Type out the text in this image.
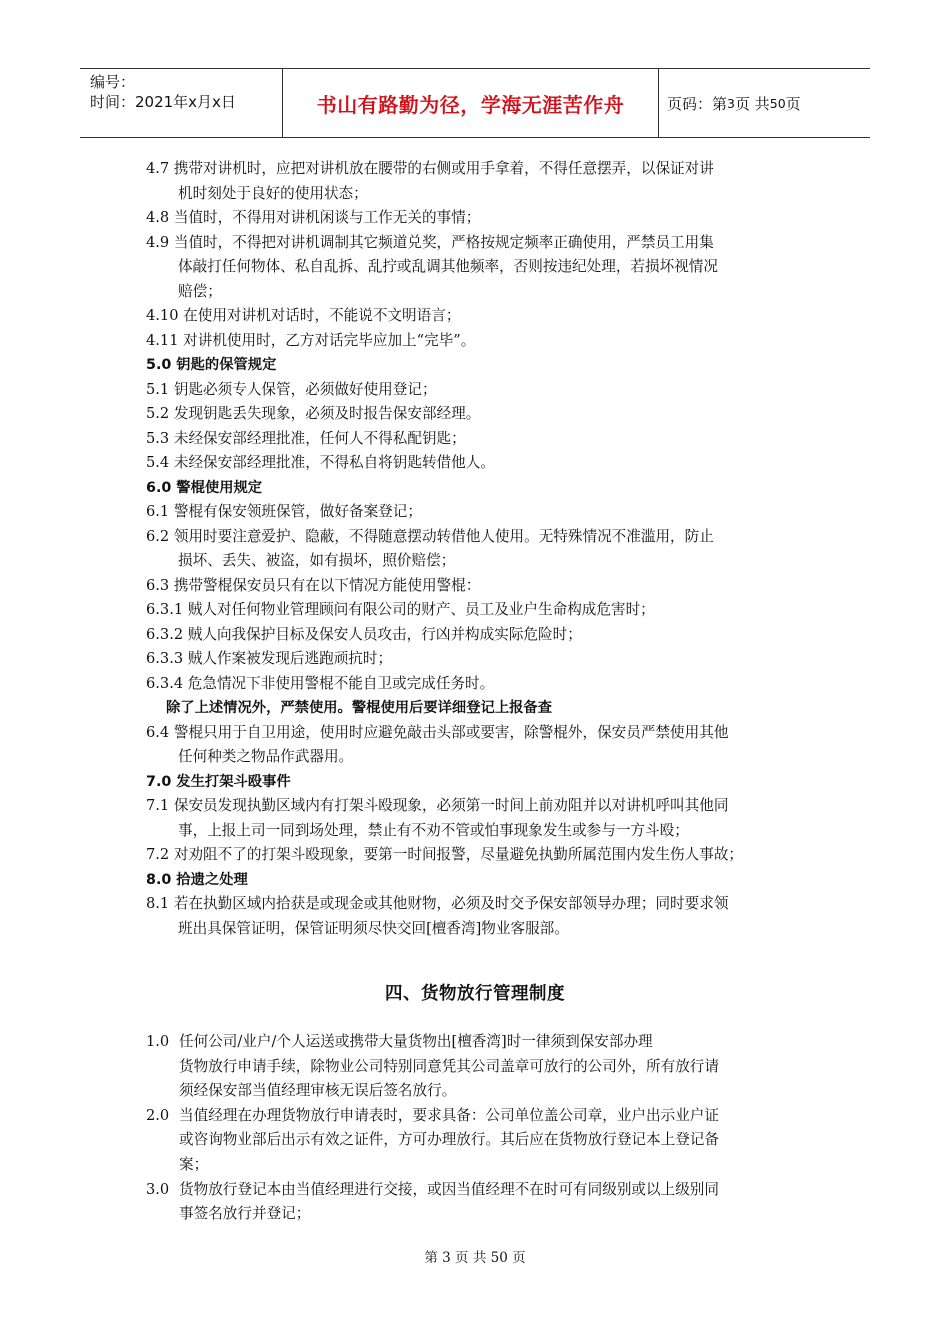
编号：
时间：2021年x月x日	书山有路勤为径，学海无涯苦作舟	页码：第 3 页 共 50 页
4.7 携带对讲机时，应把对讲机放在腰带的右侧或用手拿着，不得任意摆弄，以保证对讲
机时刻处于良好的使用状态；
4.8 当值时，不得用对讲机闲谈与工作无关的事情；
4.9 当值时，不得把对讲机调制其它频道兑奖，严格按规定频率正确使用，严禁员工用集
体敲打任何物体、私自乱拆、乱拧或乱调其他频率，否则按违纪处理，若损坏视情况
赔偿；
4.10 在使用对讲机对话时，不能说不文明语言；
4.11 对讲机使用时，乙方对话完毕应加上“完毕”。
5.0 钥匙的保管规定
5.1 钥匙必须专人保管，必须做好使用登记；
5.2 发现钥匙丢失现象，必须及时报告保安部经理。
5.3 未经保安部经理批准，任何人不得私配钥匙；
5.4 未经保安部经理批准，不得私自将钥匙转借他人。
6.0 警棍使用规定
6.1 警棍有保安领班保管，做好备案登记；
6.2 领用时要注意爱护、隐蔽，不得随意摆动转借他人使用。无特殊情况不准滥用，防止
损坏、丢失、被盗，如有损坏，照价赔偿；
6.3 携带警棍保安员只有在以下情况方能使用警棍：
6.3.1 贼人对任何物业管理顾问有限公司的财产、员工及业户生命构成危害时；
6.3.2 贼人向我保护目标及保安人员攻击，行凶并构成实际危险时；
6.3.3 贼人作案被发现后逃跑顽抗时；
6.3.4 危急情况下非使用警棍不能自卫或完成任务时。
除了上述情况外，严禁使用。警棍使用后要详细登记上报备查
6.4 警棍只用于自卫用途，使用时应避免敲击头部或要害，除警棍外，保安员严禁使用其他
任何种类之物品作武器用。
7.0 发生打架斗殴事件
7.1 保安员发现执勤区域内有打架斗殴现象，必须第一时间上前劝阻并以对讲机呼叫其他同
事，上报上司一同到场处理，禁止有不劝不管或怕事现象发生或参与一方斗殴；
7.2 对劝阻不了的打架斗殴现象，要第一时间报警，尽量避免执勤所属范围内发生伤人事故；
8.0 拾遗之处理
8.1 若在执勤区域内拾获是或现金或其他财物，必须及时交予保安部领导办理；同时要求领
班出具保管证明，保管证明须尽快交回[檀香湾]物业客服部。
四、货物放行管理制度
1.0 任何公司/业户/个人运送或携带大量货物出[檀香湾]时一律须到保安部办理
货物放行申请手续，除物业公司特别同意凭其公司盖章可放行的公司外，所有放行请
须经保安部当值经理审核无误后签名放行。
2.0 当值经理在办理货物放行申请表时，要求具备：公司单位盖公司章，业户出示业户证
或咨询物业部后出示有效之证件，方可办理放行。其后应在货物放行登记本上登记备
案；
3.0 货物放行登记本由当值经理进行交接，或因当值经理不在时可有同级别或以上级别同
事签名放行并登记；
第 3 页 共 50 页
